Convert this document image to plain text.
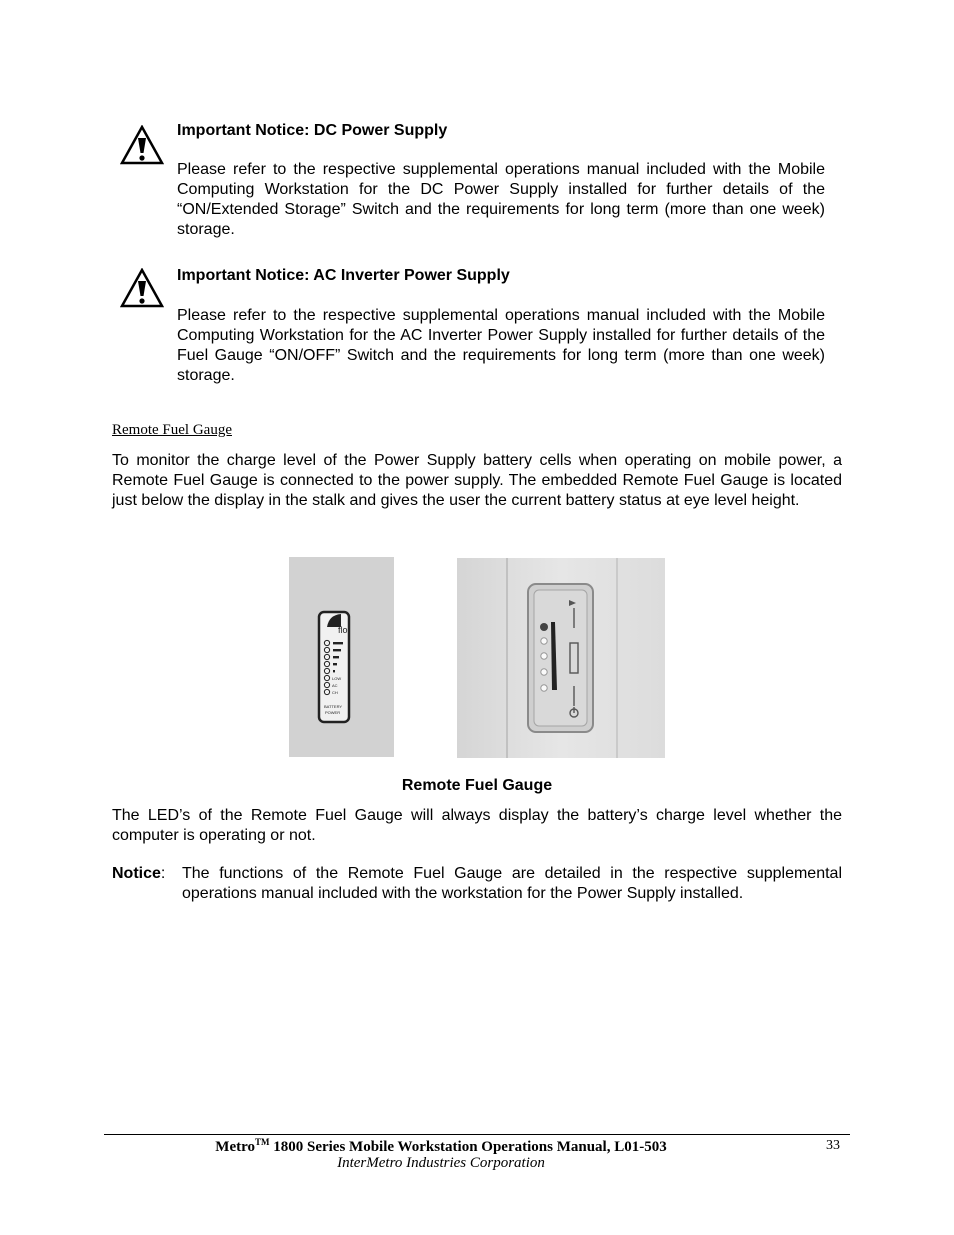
Important Notice: DC Power Supply
Please refer to the respective supplemental operations manual included with the Mobile Computing Workstation for the DC Power Supply installed for further details of the “ON/Extended Storage” Switch and the requirements for long term (more than one week) storage.
Important Notice: AC Inverter Power Supply
Please refer to the respective supplemental operations manual included with the Mobile Computing Workstation for the AC Inverter Power Supply installed for further details of the Fuel Gauge “ON/OFF” Switch and the requirements for long term (more than one week) storage.
Remote Fuel Gauge
To monitor the charge level of the Power Supply battery cells when operating on mobile power, a Remote Fuel Gauge is connected to the power supply. The embedded Remote Fuel Gauge is located just below the display in the stalk and gives the user the current battery status at eye level height.
flo
LOW
AC
CH
BATTERY
POWER
Remote Fuel Gauge
The LED’s of the Remote Fuel Gauge will always display the battery’s charge level whether the computer is operating or not.
Notice: The functions of the Remote Fuel Gauge are detailed in the respective supplemental operations manual included with the workstation for the Power Supply installed.
Metro™ 1800 Series Mobile Workstation Operations Manual, L01-503
InterMetro Industries Corporation
33
